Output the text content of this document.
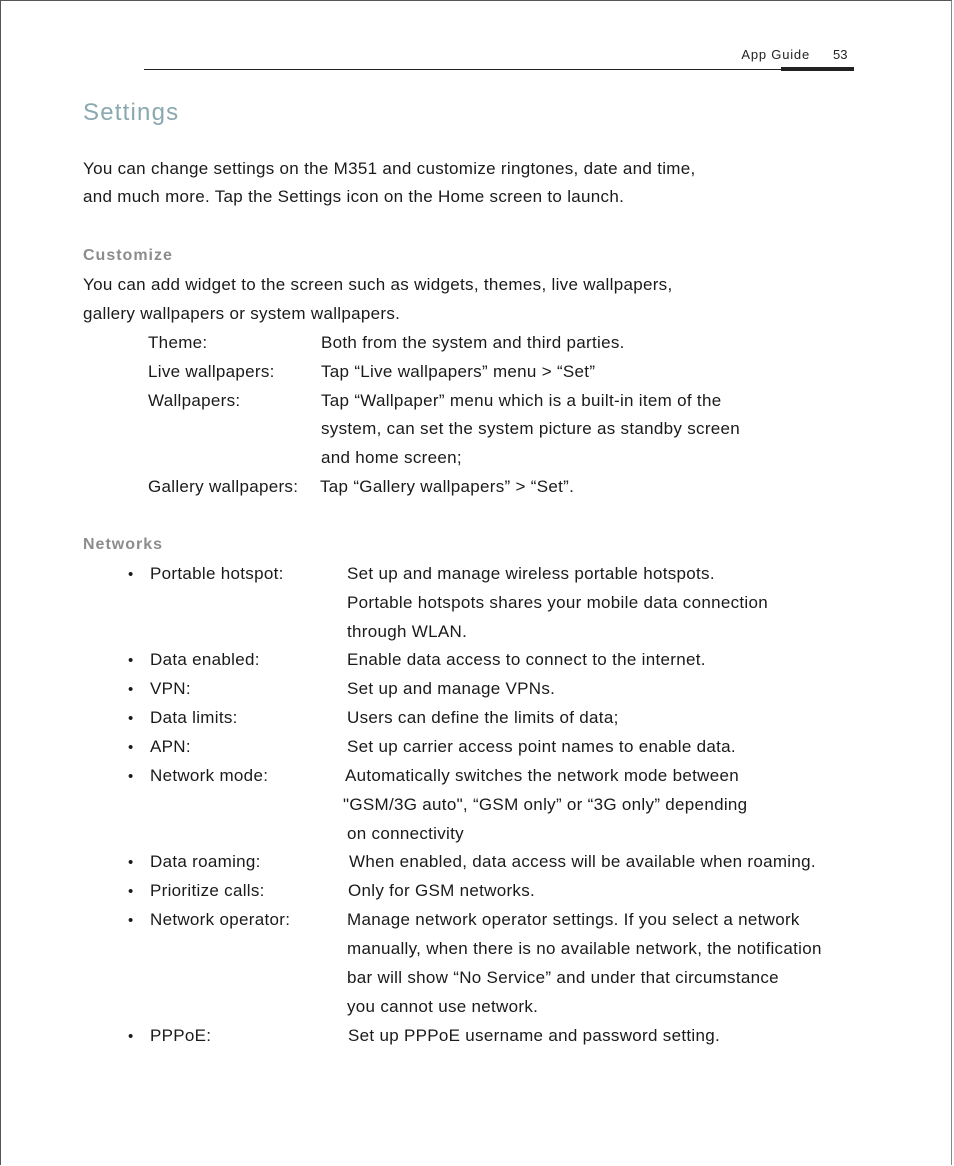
App Guide 53
Settings

You can change settings on the M351 and customize ringtones, date and time,

and much more. Tap the Settings icon on the Home screen to launch.

Customize

You can add widget to the screen such as widgets, themes, live wallpapers,

gallery wallpapers or system wallpapers.

Theme:	Both from the system and third parties.
Live wallpapers:	Tap “Live wallpapers” menu > “Set”
Wallpapers:	Tap “Wallpaper” menu which is a built-in item of the
system, can set the system picture as standby screen
and home screen;
Gallery wallpapers: Tap “Gallery wallpapers” > “Set”.
Networks
• Portable hotspot:	Set up and manage wireless portable hotspots.
Portable hotspots shares your mobile data connection
through WLAN.
• Data enabled:	Enable data access to connect to the internet.
• VPN:	Set up and manage VPNs.
• Data limits:	Users can define the limits of data;
• APN:	Set up carrier access point names to enable data.
• Network mode:	Automatically switches the network mode between
"GSM/3G auto", “GSM only” or “3G only” depending
on connectivity
• Data roaming:	When enabled, data access will be available when roaming.
• Prioritize calls:	Only for GSM networks.
• Network operator:	Manage network operator settings. If you select a network
manually, when there is no available network, the notification
bar will show “No Service” and under that circumstance
you cannot use network.
• PPPoE:	Set up PPPoE username and password setting.
